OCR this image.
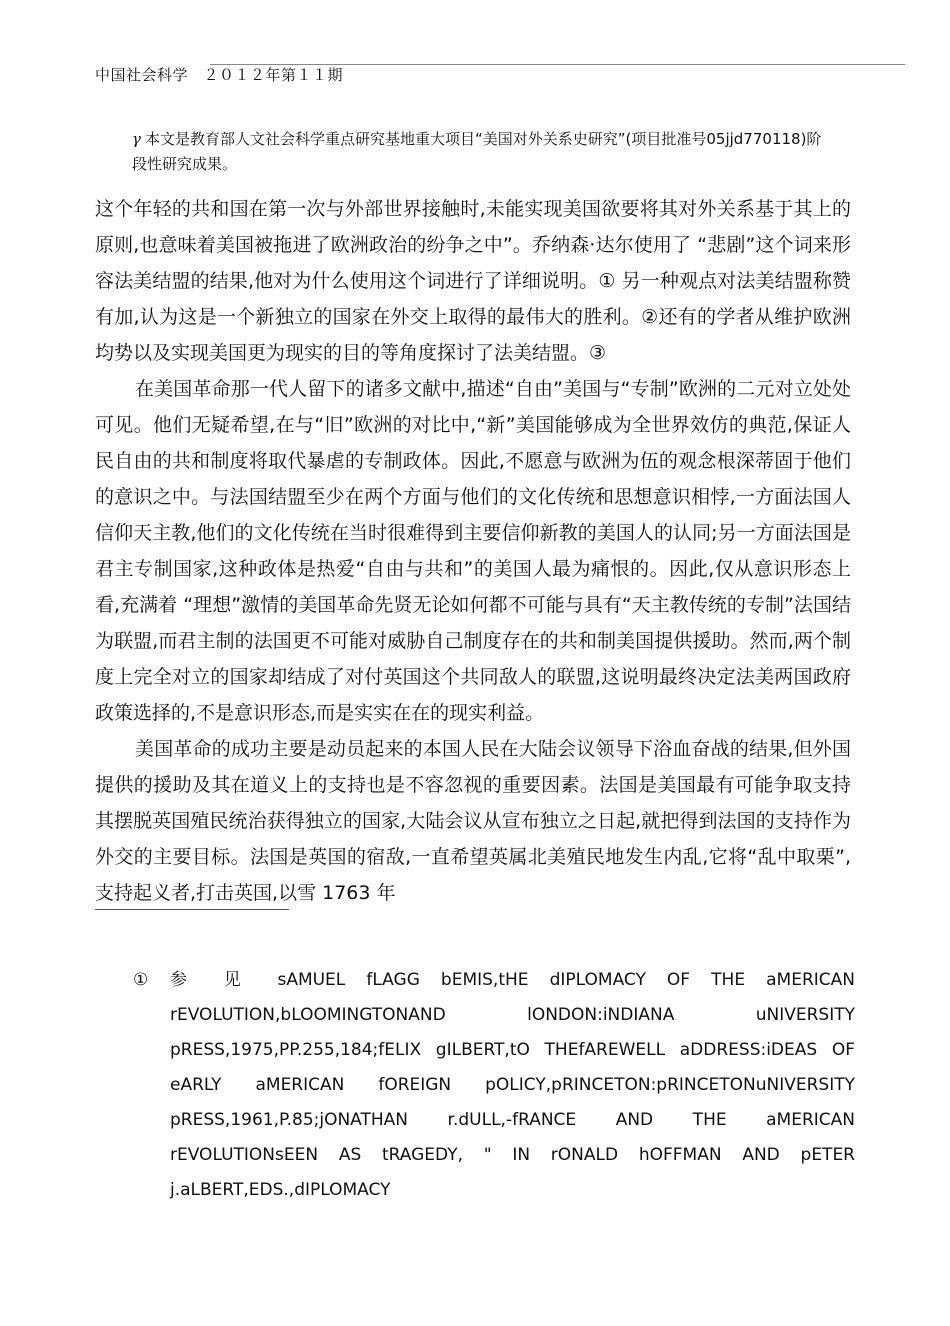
中国社会科学　２０１２年第１１期
γ 本文是教育部人文社会科学重点研究基地重大项目“美国对外关系史研究”(项目批准号05jjd770118)阶段性研究成果。

这个年轻的共和国在第一次与外部世界接触时,未能实现美国欲要将其对外关系基于其上的原则,也意味着美国被拖进了欧洲政治的纷争之中”。乔纳森·达尔使用了 “悲剧”这个词来形容法美结盟的结果,他对为什么使用这个词进行了详细说明。① 另一种观点对法美结盟称赞有加,认为这是一个新独立的国家在外交上取得的最伟大的胜利。②还有的学者从维护欧洲均势以及实现美国更为现实的目的等角度探讨了法美结盟。③

在美国革命那一代人留下的诸多文献中,描述“自由”美国与“专制”欧洲的二元对立处处可见。他们无疑希望,在与“旧”欧洲的对比中,“新”美国能够成为全世界效仿的典范,保证人民自由的共和制度将取代暴虐的专制政体。因此,不愿意与欧洲为伍的观念根深蒂固于他们的意识之中。与法国结盟至少在两个方面与他们的文化传统和思想意识相悖,一方面法国人信仰天主教,他们的文化传统在当时很难得到主要信仰新教的美国人的认同;另一方面法国是君主专制国家,这种政体是热爱“自由与共和”的美国人最为痛恨的。因此,仅从意识形态上看,充满着 “理想”激情的美国革命先贤无论如何都不可能与具有“天主教传统的专制”法国结为联盟,而君主制的法国更不可能对威胁自己制度存在的共和制美国提供援助。然而,两个制度上完全对立的国家却结成了对付英国这个共同敌人的联盟,这说明最终决定法美两国政府政策选择的,不是意识形态,而是实实在在的现实利益。

美国革命的成功主要是动员起来的本国人民在大陆会议领导下浴血奋战的结果,但外国提供的援助及其在道义上的支持也是不容忽视的重要因素。法国是美国最有可能争取支持其摆脱英国殖民统治获得独立的国家,大陆会议从宣布独立之日起,就把得到法国的支持作为外交的主要目标。法国是英国的宿敌,一直希望英属北美殖民地发生内乱,它将“乱中取栗”,支持起义者,打击英国,以雪 1763 年

① 参 见 sAMUEL fLAGG bEMIS,tHE dIPLOMACY OF THE aMERICAN rEVOLUTION,bLOOMINGTONAND lONDON:iNDIANA uNIVERSITY pRESS,1975,PP.255,184;fELIX gILBERT,tO THEfAREWELL aDDRESS:iDEAS OF eARLY aMERICAN fOREIGN pOLICY,pRINCETON:pRINCETONuNIVERSITY pRESS,1961,P.85;jONATHAN r.dULL,-fRANCE AND THE aMERICAN rEVOLUTIONsEEN AS tRAGEDY, " IN rONALD hOFFMAN AND pETER j.aLBERT,EDS.,dIPLOMACY
